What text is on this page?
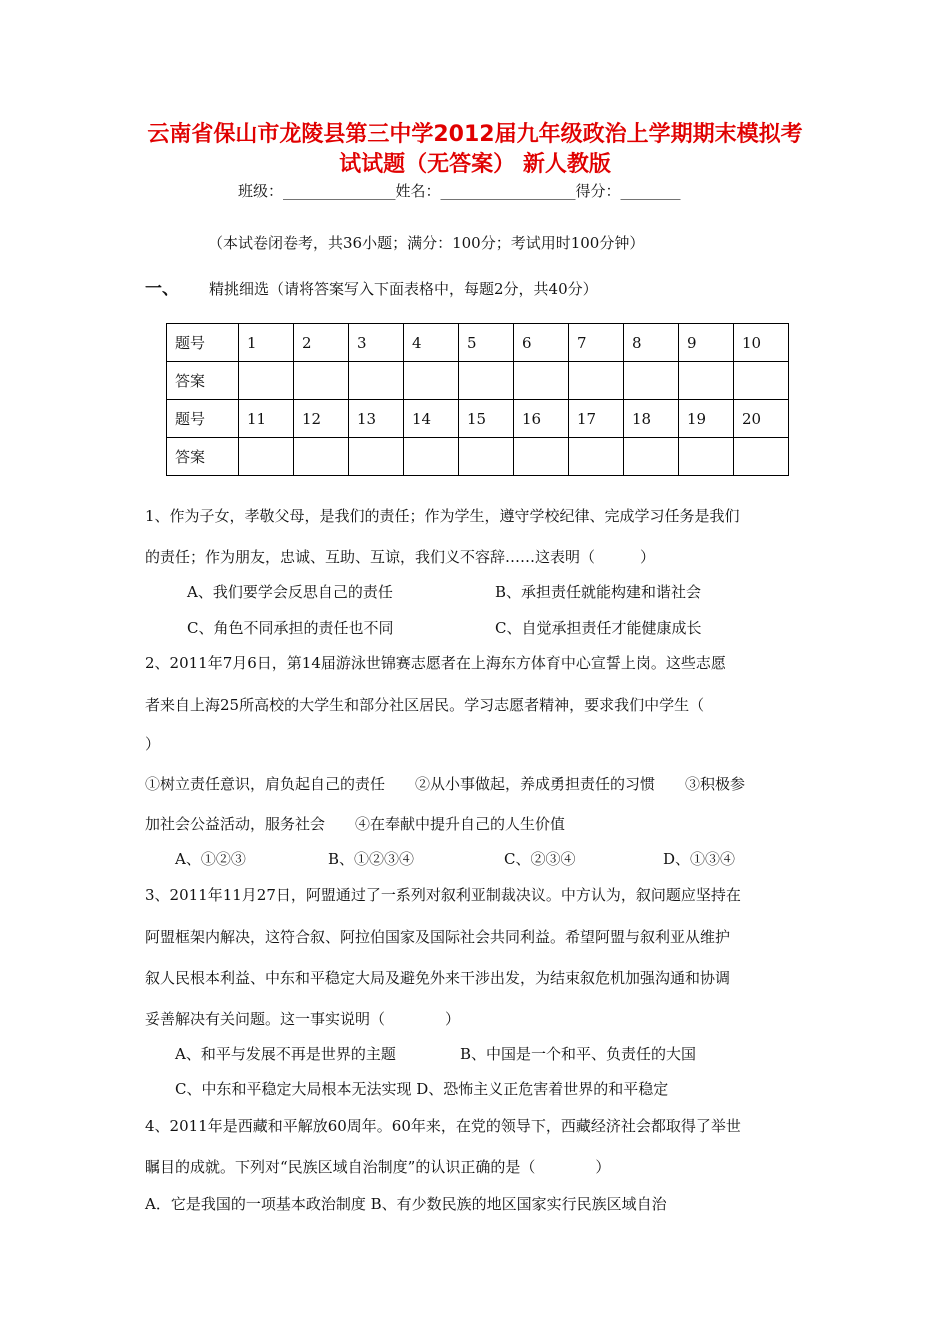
云南省保山市龙陵县第三中学2012届九年级政治上学期期末模拟考
试试题（无答案） 新人教版
班级：_______________姓名：__________________得分：________
（本试卷闭卷考，共36小题；满分：100分；考试用时100分钟）
一、 精挑细选（请将答案写入下面表格中，每题2分，共40分）
题号	1	2	3	4	5	6	7	8	9	10
答案										
题号	11	12	13	14	15	16	17	18	19	20
答案										
1、作为子女，孝敬父母，是我们的责任；作为学生，遵守学校纪律、完成学习任务是我们
的责任；作为朋友，忠诚、互助、互谅，我们义不容辞……这表明（　　　）
A、我们要学会反思自己的责任	B、承担责任就能构建和谐社会
C、角色不同承担的责任也不同	C、自觉承担责任才能健康成长
2、2011年7月6日，第14届游泳世锦赛志愿者在上海东方体育中心宣誓上岗。这些志愿
者来自上海25所高校的大学生和部分社区居民。学习志愿者精神，要求我们中学生（
）
①树立责任意识，肩负起自己的责任　　②从小事做起，养成勇担责任的习惯　　③积极参
加社会公益活动，服务社会　　④在奉献中提升自己的人生价值
A、①②③	B、①②③④	C、②③④	D、①③④
3、2011年11月27日，阿盟通过了一系列对叙利亚制裁决议。中方认为，叙问题应坚持在
阿盟框架内解决，这符合叙、阿拉伯国家及国际社会共同利益。希望阿盟与叙利亚从维护
叙人民根本利益、中东和平稳定大局及避免外来干涉出发，为结束叙危机加强沟通和协调
妥善解决有关问题。这一事实说明（　　　　）
A、和平与发展不再是世界的主题	B、中国是一个和平、负责任的大国
C、中东和平稳定大局根本无法实现 D、恐怖主义正危害着世界的和平稳定
4、2011年是西藏和平解放60周年。60年来，在党的领导下，西藏经济社会都取得了举世
瞩目的成就。下列对“民族区域自治制度”的认识正确的是（　　　　）
A．它是我国的一项基本政治制度 B、有少数民族的地区国家实行民族区域自治
